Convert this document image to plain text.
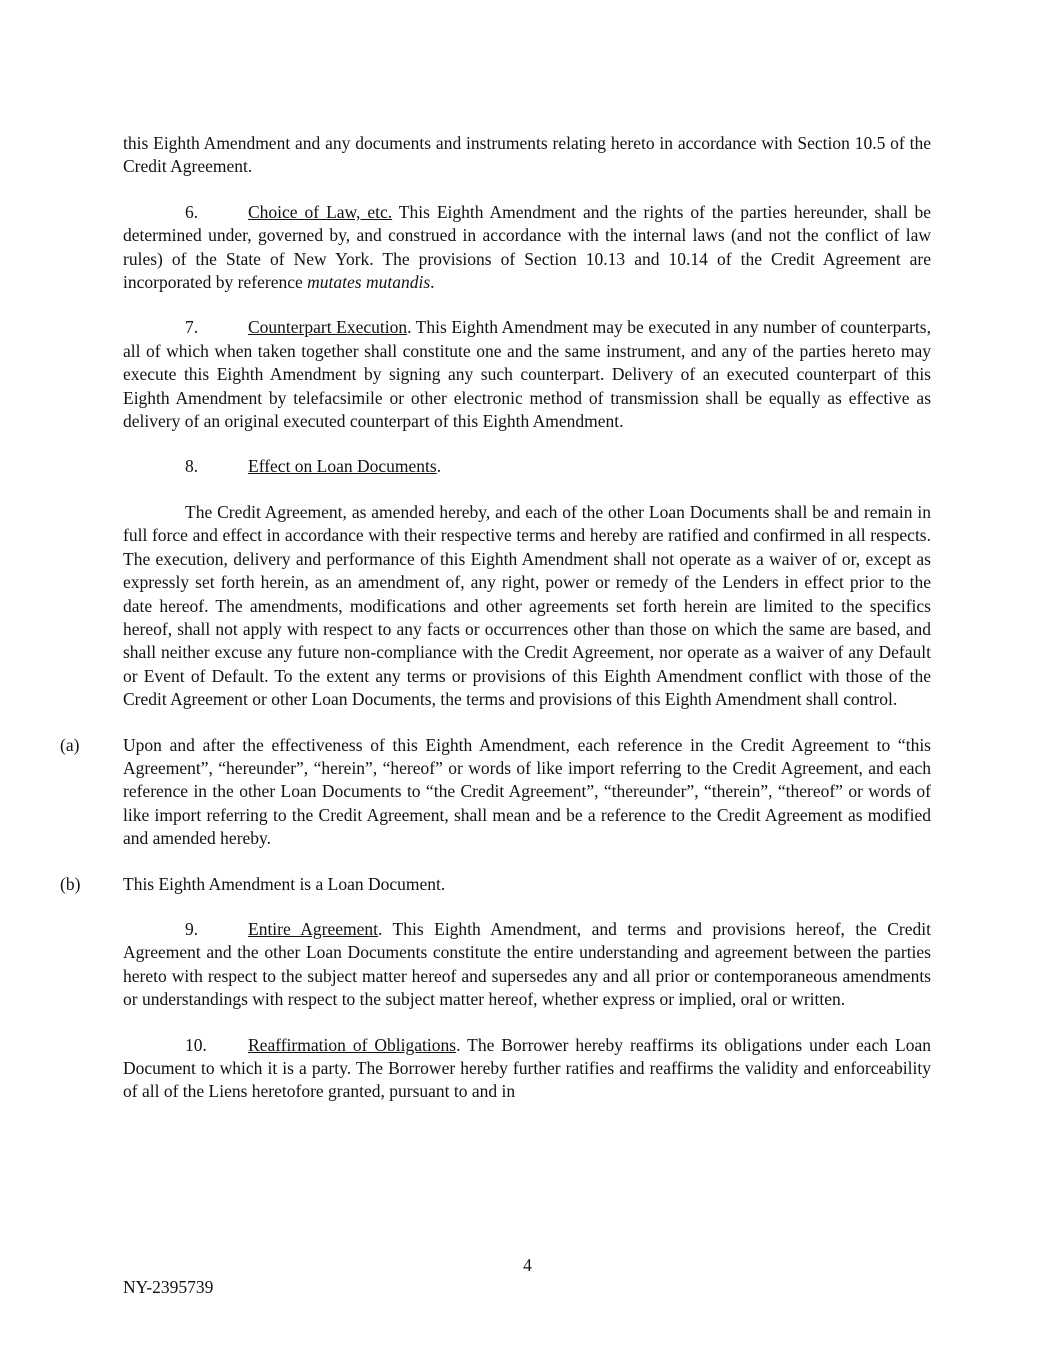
this Eighth Amendment and any documents and instruments relating hereto in accordance with Section 10.5 of the Credit Agreement.

6.	Choice of Law, etc. This Eighth Amendment and the rights of the parties hereunder, shall be determined under, governed by, and construed in accordance with the internal laws (and not the conflict of law rules) of the State of New York. The provisions of Section 10.13 and 10.14 of the Credit Agreement are incorporated by reference mutates mutandis.

7.	Counterpart Execution. This Eighth Amendment may be executed in any number of counterparts, all of which when taken together shall constitute one and the same instrument, and any of the parties hereto may execute this Eighth Amendment by signing any such counterpart. Delivery of an executed counterpart of this Eighth Amendment by telefacsimile or other electronic method of transmission shall be equally as effective as delivery of an original executed counterpart of this Eighth Amendment.

8.	Effect on Loan Documents.

The Credit Agreement, as amended hereby, and each of the other Loan Documents shall be and remain in full force and effect in accordance with their respective terms and hereby are ratified and confirmed in all respects. The execution, delivery and performance of this Eighth Amendment shall not operate as a waiver of or, except as expressly set forth herein, as an amendment of, any right, power or remedy of the Lenders in effect prior to the date hereof. The amendments, modifications and other agreements set forth herein are limited to the specifics hereof, shall not apply with respect to any facts or occurrences other than those on which the same are based, and shall neither excuse any future non-compliance with the Credit Agreement, nor operate as a waiver of any Default or Event of Default. To the extent any terms or provisions of this Eighth Amendment conflict with those of the Credit Agreement or other Loan Documents, the terms and provisions of this Eighth Amendment shall control.

(a) Upon and after the effectiveness of this Eighth Amendment, each reference in the Credit Agreement to “this Agreement”, “hereunder”, “herein”, “hereof” or words of like import referring to the Credit Agreement, and each reference in the other Loan Documents to “the Credit Agreement”, “thereunder”, “therein”, “thereof” or words of like import referring to the Credit Agreement, shall mean and be a reference to the Credit Agreement as modified and amended hereby.

(b) This Eighth Amendment is a Loan Document.

9.	Entire Agreement. This Eighth Amendment, and terms and provisions hereof, the Credit Agreement and the other Loan Documents constitute the entire understanding and agreement between the parties hereto with respect to the subject matter hereof and supersedes any and all prior or contemporaneous amendments or understandings with respect to the subject matter hereof, whether express or implied, oral or written.

10. Reaffirmation of Obligations. The Borrower hereby reaffirms its obligations under each Loan Document to which it is a party. The Borrower hereby further ratifies and reaffirms the validity and enforceability of all of the Liens heretofore granted, pursuant to and in

4
NY-2395739
